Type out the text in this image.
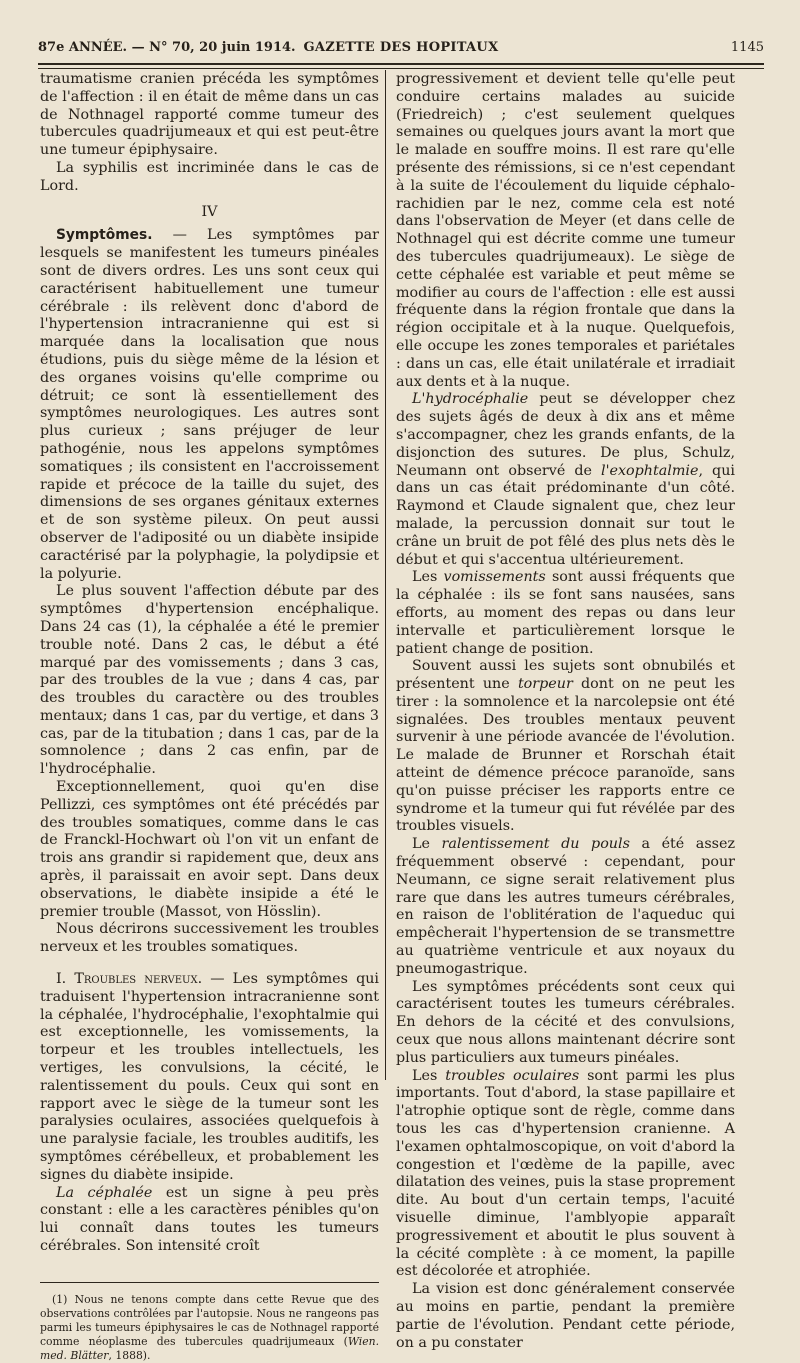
87e ANNÉE. — N° 70, 20 juin 1914. GAZETTE DES HOPITAUX	1145

traumatisme cranien précéda les symptômes de l'affection : il en était de même dans un cas de Nothnagel rapporté comme tumeur des tubercules quadrijumeaux et qui est peut-être une tumeur épiphysaire.

La syphilis est incriminée dans le cas de Lord.

IV

Symptômes. — Les symptômes par lesquels se manifestent les tumeurs pinéales sont de divers ordres. Les uns sont ceux qui caractérisent habituellement une tumeur cérébrale : ils relèvent donc d'abord de l'hypertension intracranienne qui est si marquée dans la localisation que nous étudions, puis du siège même de la lésion et des organes voisins qu'elle comprime ou détruit; ce sont là essentiellement des symptômes neurologiques. Les autres sont plus curieux ; sans préjuger de leur pathogénie, nous les appelons symptômes somatiques ; ils consistent en l'accroissement rapide et précoce de la taille du sujet, des dimensions de ses organes génitaux externes et de son système pileux. On peut aussi observer de l'adiposité ou un diabète insipide caractérisé par la polyphagie, la polydipsie et la polyurie.

Le plus souvent l'affection débute par des symptômes d'hypertension encéphalique. Dans 24 cas (1), la céphalée a été le premier trouble noté. Dans 2 cas, le début a été marqué par des vomissements ; dans 3 cas, par des troubles de la vue ; dans 4 cas, par des troubles du caractère ou des troubles mentaux; dans 1 cas, par du vertige, et dans 3 cas, par de la titubation ; dans 1 cas, par de la somnolence ; dans 2 cas enfin, par de l'hydrocéphalie.

Exceptionnellement, quoi qu'en dise Pellizzi, ces symptômes ont été précédés par des troubles somatiques, comme dans le cas de Franckl-Hochwart où l'on vit un enfant de trois ans grandir si rapidement que, deux ans après, il paraissait en avoir sept. Dans deux observations, le diabète insipide a été le premier trouble (Massot, von Hösslin).

Nous décrirons successivement les troubles nerveux et les troubles somatiques.

I. Troubles nerveux. — Les symptômes qui traduisent l'hypertension intracranienne sont la céphalée, l'hydrocéphalie, l'exophtalmie qui est exceptionnelle, les vomissements, la torpeur et les troubles intellectuels, les vertiges, les convulsions, la cécité, le ralentissement du pouls. Ceux qui sont en rapport avec le siège de la tumeur sont les paralysies oculaires, associées quelquefois à une paralysie faciale, les troubles auditifs, les symptômes cérébelleux, et probablement les signes du diabète insipide.

La céphalée est un signe à peu près constant : elle a les caractères pénibles qu'on lui connaît dans toutes les tumeurs cérébrales. Son intensité croît

(1) Nous ne tenons compte dans cette Revue que des observations contrôlées par l'autopsie. Nous ne rangeons pas parmi les tumeurs épiphysaires le cas de Nothnagel rapporté comme néoplasme des tubercules quadrijumeaux (Wien. med. Blätter, 1888).

progressivement et devient telle qu'elle peut conduire certains malades au suicide (Friedreich) ; c'est seulement quelques semaines ou quelques jours avant la mort que le malade en souffre moins. Il est rare qu'elle présente des rémissions, si ce n'est cependant à la suite de l'écoulement du liquide céphalo-rachidien par le nez, comme cela est noté dans l'observation de Meyer (et dans celle de Nothnagel qui est décrite comme une tumeur des tubercules quadrijumeaux). Le siège de cette céphalée est variable et peut même se modifier au cours de l'affection : elle est aussi fréquente dans la région frontale que dans la région occipitale et à la nuque. Quelquefois, elle occupe les zones temporales et pariétales : dans un cas, elle était unilatérale et irradiait aux dents et à la nuque.

L'hydrocéphalie peut se développer chez des sujets âgés de deux à dix ans et même s'accompagner, chez les grands enfants, de la disjonction des sutures. De plus, Schulz, Neumann ont observé de l'exophtalmie, qui dans un cas était prédominante d'un côté. Raymond et Claude signalent que, chez leur malade, la percussion donnait sur tout le crâne un bruit de pot fêlé des plus nets dès le début et qui s'accentua ultérieurement.

Les vomissements sont aussi fréquents que la céphalée : ils se font sans nausées, sans efforts, au moment des repas ou dans leur intervalle et particulièrement lorsque le patient change de position.

Souvent aussi les sujets sont obnubilés et présentent une torpeur dont on ne peut les tirer : la somnolence et la narcolepsie ont été signalées. Des troubles mentaux peuvent survenir à une période avancée de l'évolution. Le malade de Brunner et Rorschah était atteint de démence précoce paranoïde, sans qu'on puisse préciser les rapports entre ce syndrome et la tumeur qui fut révélée par des troubles visuels.

Le ralentissement du pouls a été assez fréquemment observé : cependant, pour Neumann, ce signe serait relativement plus rare que dans les autres tumeurs cérébrales, en raison de l'oblitération de l'aqueduc qui empêcherait l'hypertension de se transmettre au quatrième ventricule et aux noyaux du pneumogastrique.

Les symptômes précédents sont ceux qui caractérisent toutes les tumeurs cérébrales. En dehors de la cécité et des convulsions, ceux que nous allons maintenant décrire sont plus particuliers aux tumeurs pinéales.

Les troubles oculaires sont parmi les plus importants. Tout d'abord, la stase papillaire et l'atrophie optique sont de règle, comme dans tous les cas d'hypertension cranienne. A l'examen ophtalmoscopique, on voit d'abord la congestion et l'œdème de la papille, avec dilatation des veines, puis la stase proprement dite. Au bout d'un certain temps, l'acuité visuelle diminue, l'amblyopie apparaît progressivement et aboutit le plus souvent à la cécité complète : à ce moment, la papille est décolorée et atrophiée.

La vision est donc généralement conservée au moins en partie, pendant la première partie de l'évolution. Pendant cette période, on a pu constater
